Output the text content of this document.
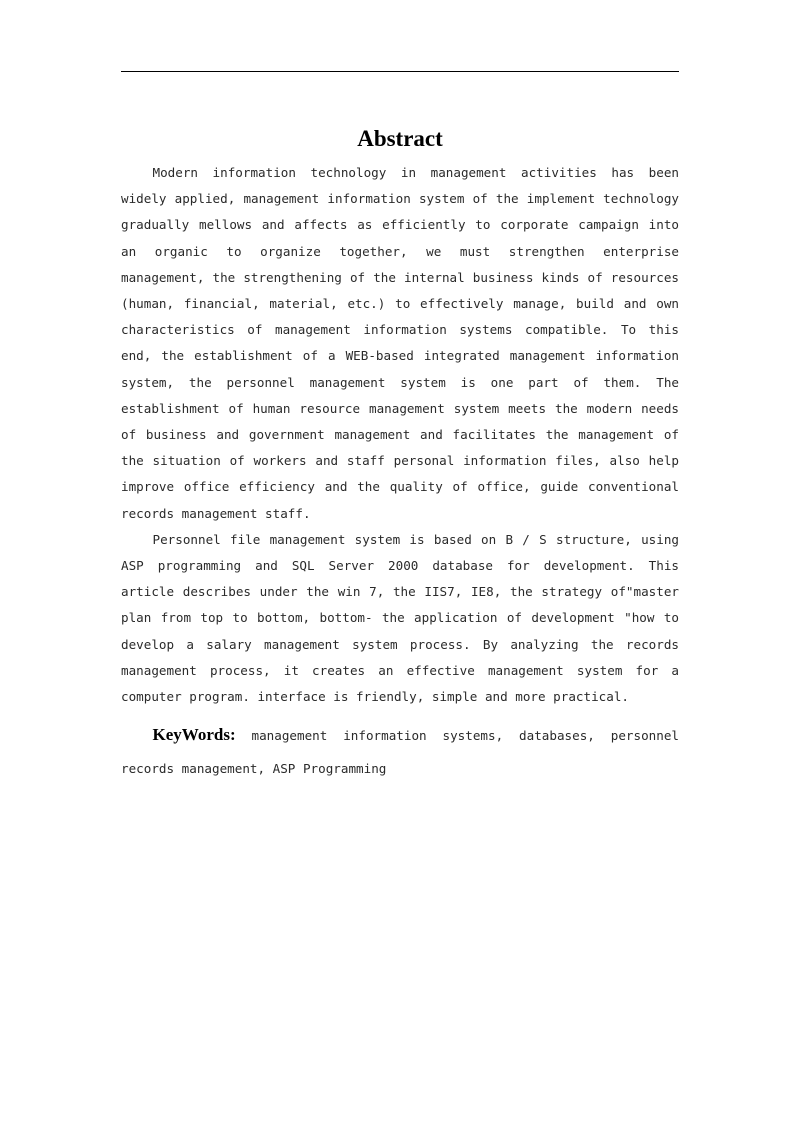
Abstract

Modern information technology in management activities has been widely applied, management information system of the implement technology gradually mellows and affects as efficiently to corporate campaign into an organic to organize together, we must strengthen enterprise management, the strengthening of the internal business kinds of resources (human, financial, material, etc.) to effectively manage, build and own characteristics of management information systems compatible. To this end, the establishment of a WEB-based integrated management information system, the personnel management system is one part of them. The establishment of human resource management system meets the modern needs of business and government management and facilitates the management of the situation of workers and staff personal information files, also help improve office efficiency and the quality of office, guide conventional records management staff.

Personnel file management system is based on B / S structure, using ASP programming and SQL Server 2000 database for development. This article describes under the win 7, the IIS7, IE8, the strategy of"master plan from top to bottom, bottom- the application of development "how to develop a salary management system process. By analyzing the records management process, it creates an effective management system for a computer program. interface is friendly, simple and more practical.

KeyWords: management information systems, databases, personnel records management, ASP Programming
